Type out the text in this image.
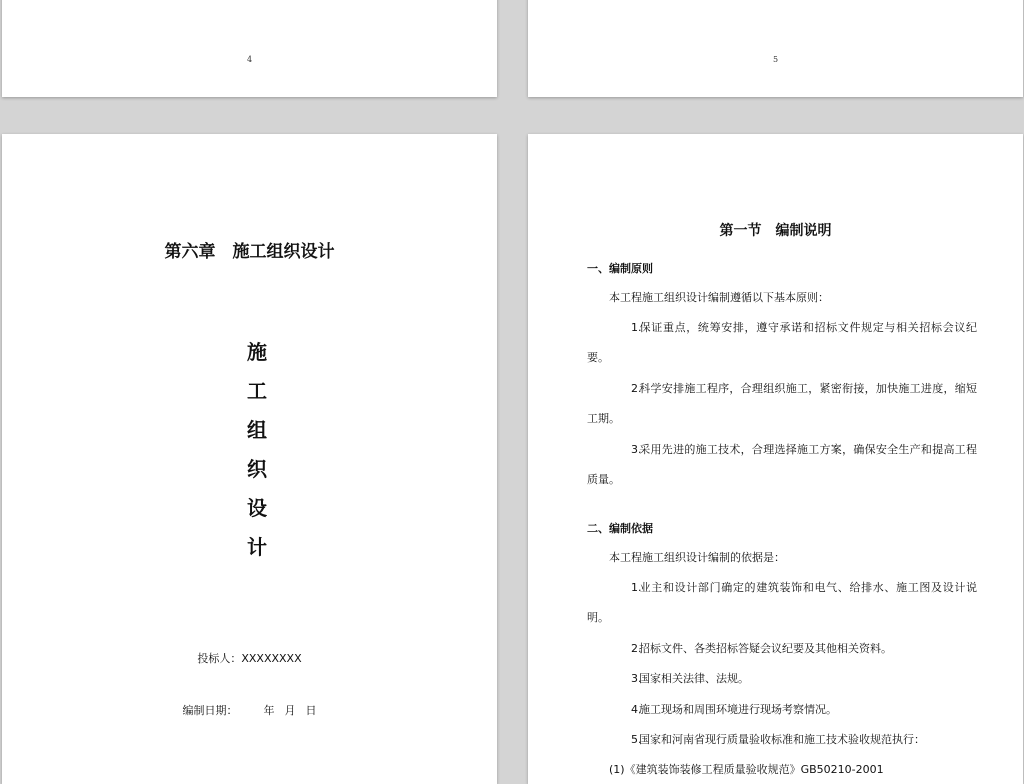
4	5
第六章　施工组织设计
施
工
组
织
设
计
投标人：XXXXXXXX
编制日期： 年 月 日
第一节　编制说明
一、编制原则
本工程施工组织设计编制遵循以下基本原则：
1.保证重点，统筹安排，遵守承诺和招标文件规定与相关招标会议纪要。
2.科学安排施工程序，合理组织施工，紧密衔接，加快施工进度，缩短工期。
3.采用先进的施工技术，合理选择施工方案，确保安全生产和提高工程质量。
二、编制依据
本工程施工组织设计编制的依据是：
1.业主和设计部门确定的建筑装饰和电气、给排水、施工图及设计说明。
2.招标文件、各类招标答疑会议纪要及其他相关资料。
3.国家相关法律、法规。
4.施工现场和周围环境进行现场考察情况。
5.国家和河南省现行质量验收标准和施工技术验收规范执行：
(1)《建筑装饰装修工程质量验收规范》GB50210-2001
